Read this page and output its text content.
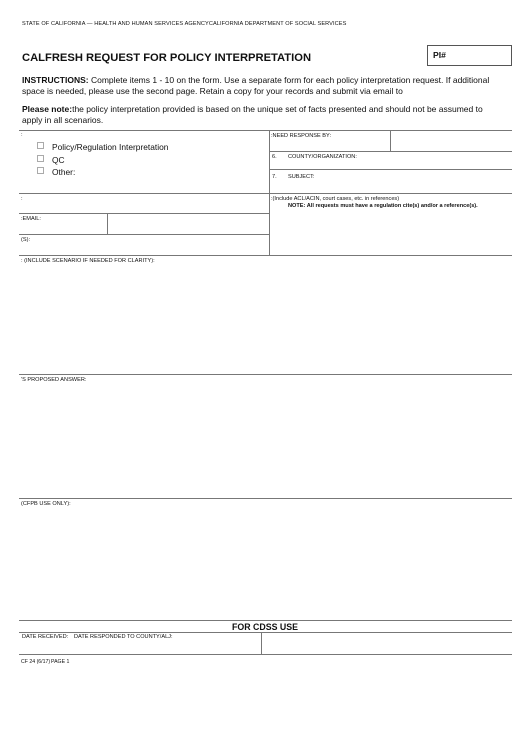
STATE OF CALIFORNIA — HEALTH AND HUMAN SERVICES AGENCYCALIFORNIA DEPARTMENT OF SOCIAL SERVICES
CALFRESH REQUEST FOR POLICY INTERPRETATION	PI#
INSTRUCTIONS: Complete items 1 - 10 on the form. Use a separate form for each policy interpretation request. If additional space is needed, please use the second page. Retain a copy for your records and submit via email to
Please note:the policy interpretation provided is based on the unique set of facts presented and should not be assumed to apply in all scenarios.
:
Policy/Regulation Interpretation
QC
Other:
:NEED RESPONSE BY:
6. COUNTY/ORGANIZATION:
7. SUBJECT:
:	:(Include ACL/ACIN, court cases, etc. in references)
NOTE: All requests must have a regulation cite(s) and/or a reference(s).
:EMAIL:
(S):
: (INCLUDE SCENARIO IF NEEDED FOR CLARITY):
'S PROPOSED ANSWER:
(CFPB USE ONLY):
FOR CDSS USE
DATE RECEIVED: DATE RESPONDED TO COUNTY/ALJ:
CF 24 (6/17) PAGE 1
